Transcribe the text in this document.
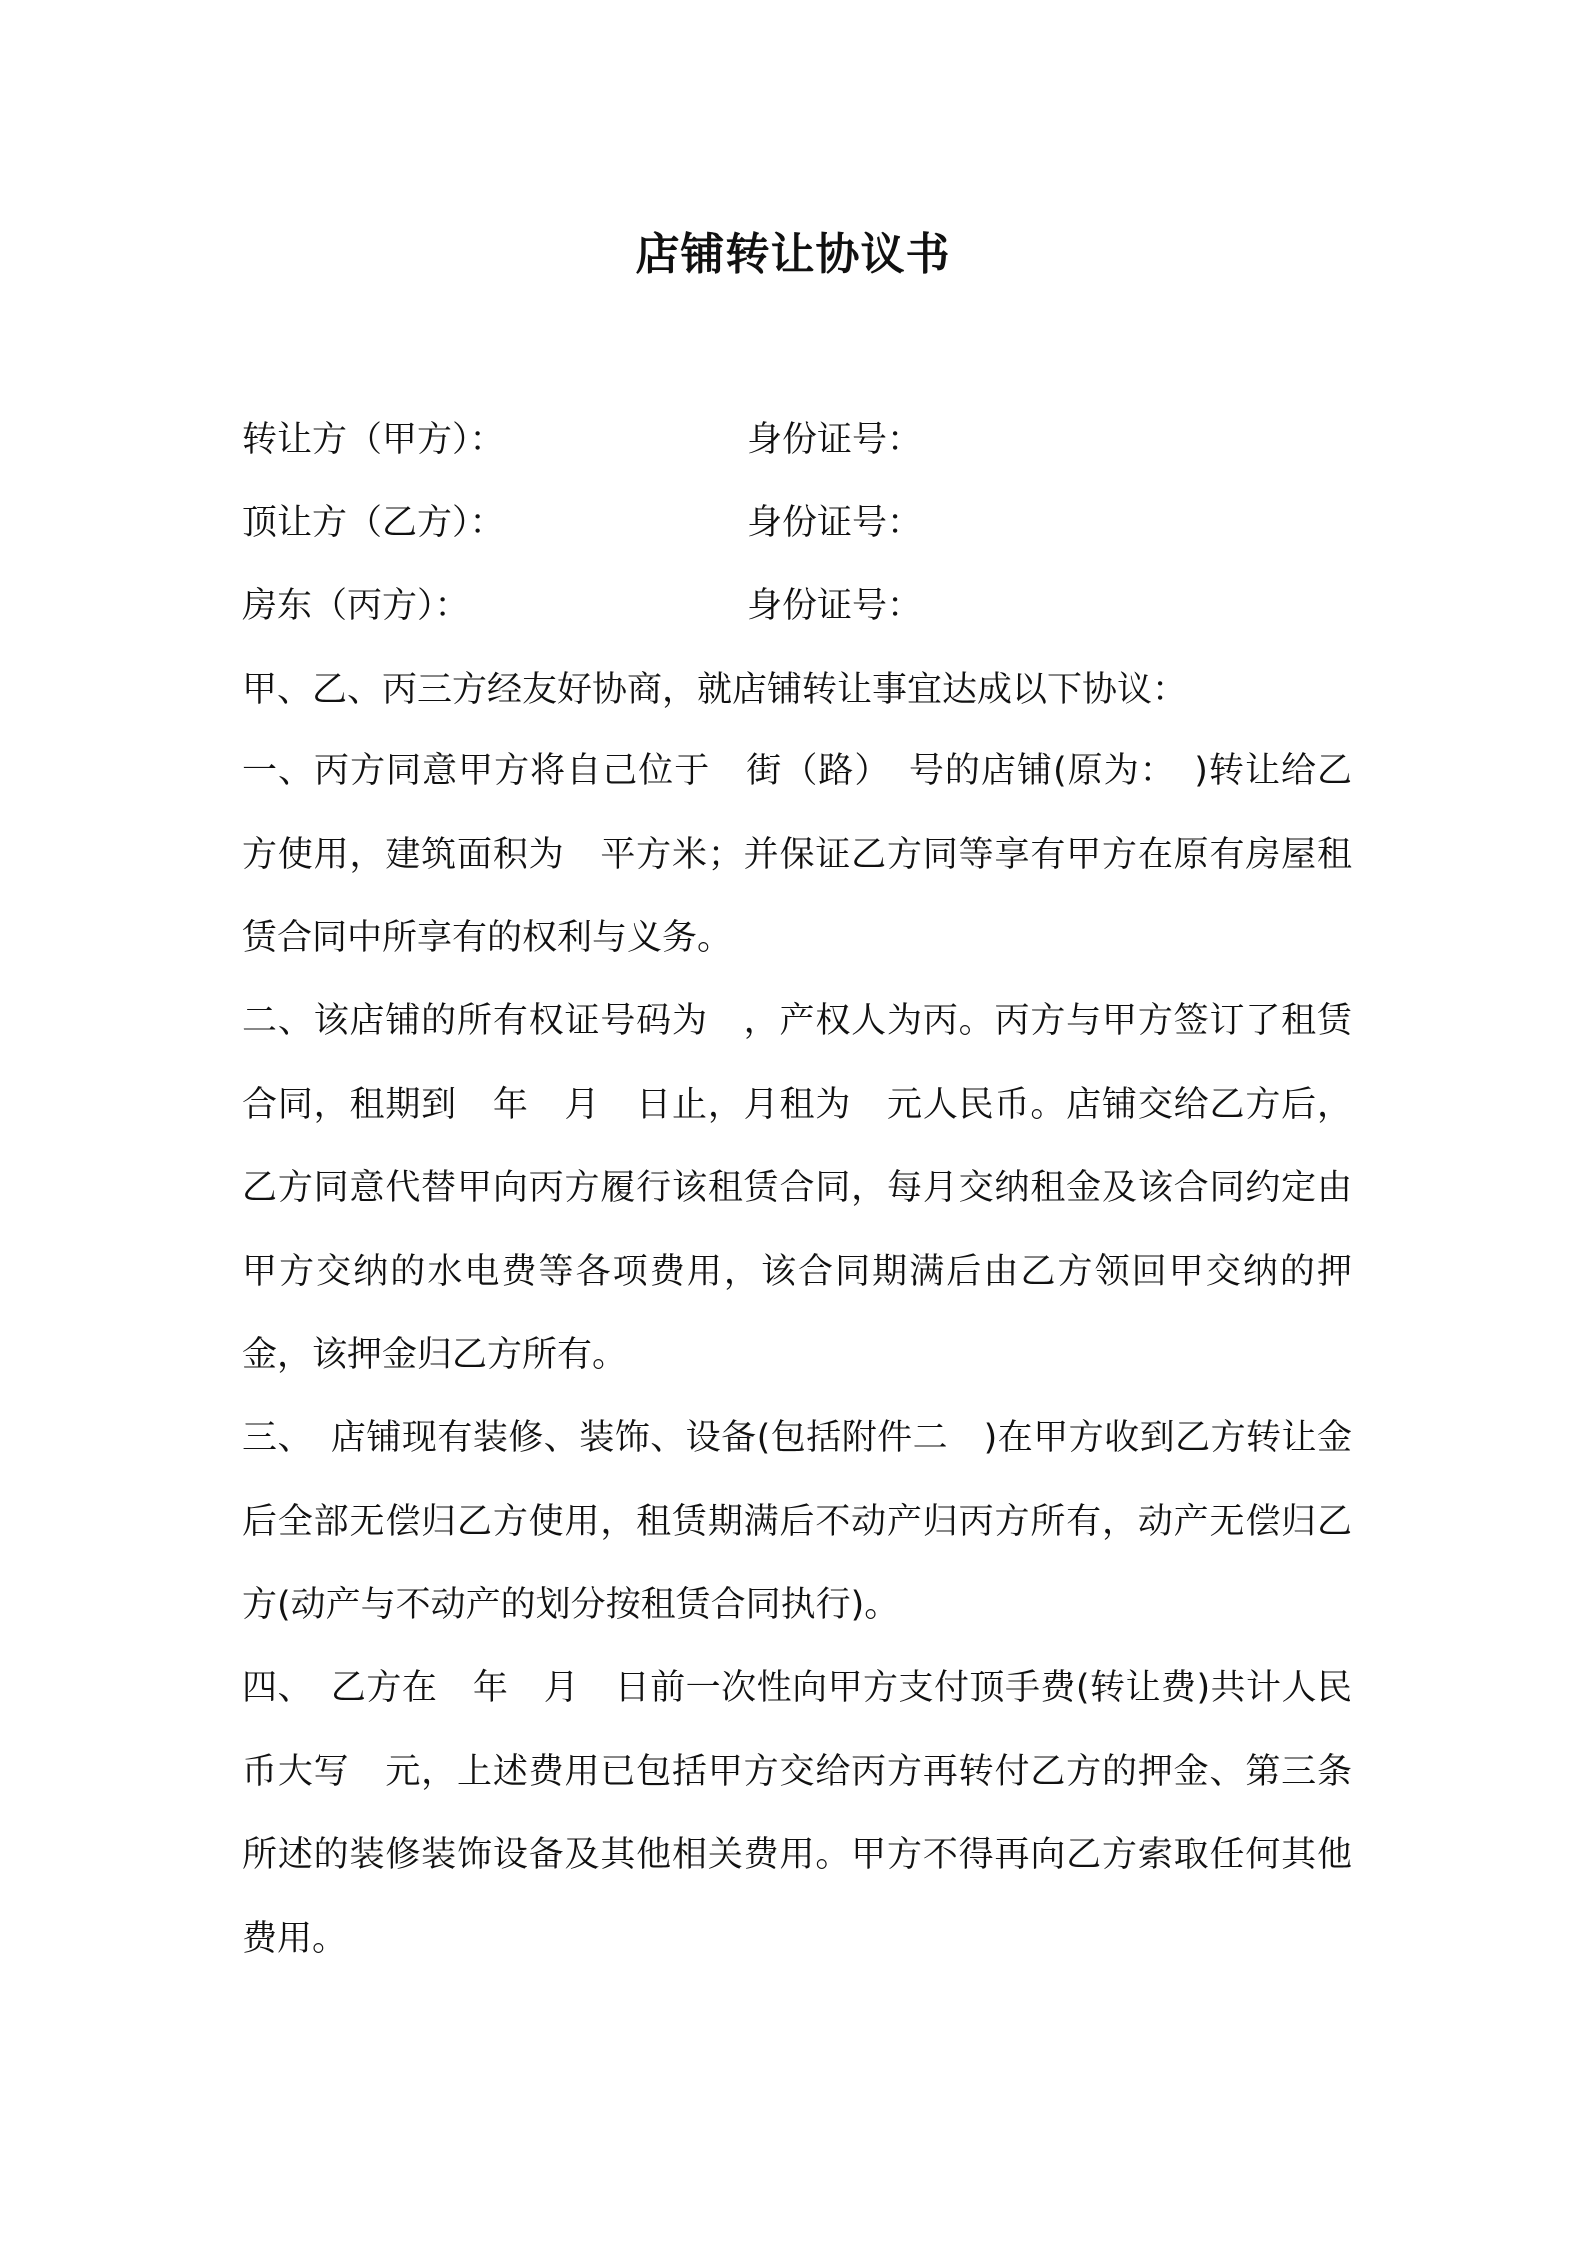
店铺转让协议书
转让方（甲方）：	身份证号：
顶让方（乙方）：	身份证号：
房东（丙方）：	身份证号：
甲、乙、丙三方经友好协商，就店铺转让事宜达成以下协议：
一、丙方同意甲方将自己位于　街（路）　号的店铺(原为：　)转让给乙方使用，建筑面积为　平方米；并保证乙方同等享有甲方在原有房屋租赁合同中所享有的权利与义务。
二、该店铺的所有权证号码为　，产权人为丙。丙方与甲方签订了租赁合同，租期到　年　月　日止，月租为　元人民币。店铺交给乙方后，乙方同意代替甲向丙方履行该租赁合同，每月交纳租金及该合同约定由甲方交纳的水电费等各项费用，该合同期满后由乙方领回甲交纳的押金，该押金归乙方所有。
三、　店铺现有装修、装饰、设备(包括附件二　)在甲方收到乙方转让金后全部无偿归乙方使用，租赁期满后不动产归丙方所有，动产无偿归乙方(动产与不动产的划分按租赁合同执行)。
四、　乙方在　年　月　日前一次性向甲方支付顶手费(转让费)共计人民币大写　元，上述费用已包括甲方交给丙方再转付乙方的押金、第三条所述的装修装饰设备及其他相关费用。甲方不得再向乙方索取任何其他费用。
